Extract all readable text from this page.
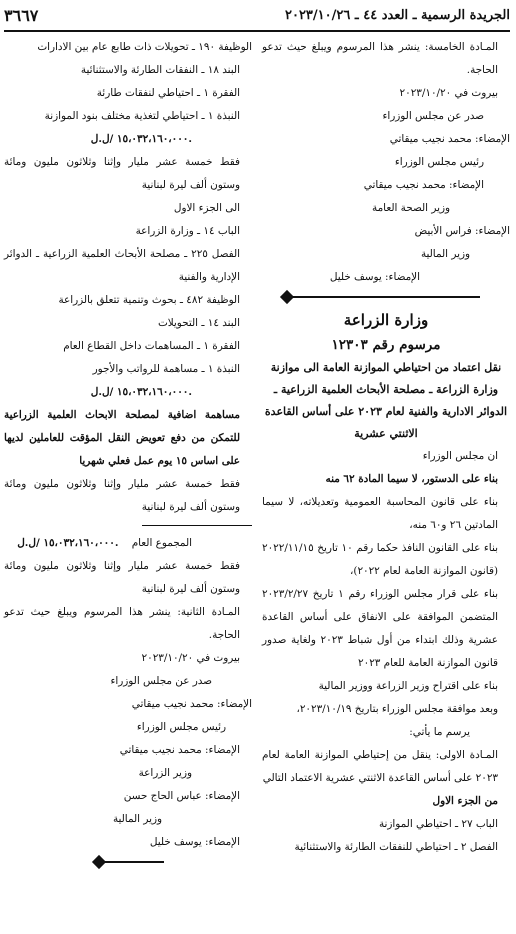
الجريدة الرسمية ـ العدد ٤٤ ـ ٢٠٢٣/١٠/٢٦
٣٦٦٧

المـادة الخامسة: ينشر هذا المرسوم ويبلغ حيث تدعو الحاجة.

بيروت في ٢٠٢٣/١٠/٢٠

صدر عن مجلس الوزراء

الإمضاء: محمد نجيب ميقاتي

رئيس مجلس الوزراء

الإمضاء: محمد نجيب ميقاتي

وزير الصحة العامة

الإمضاء: فراس الأبيض

وزير المالية

الإمضاء: يوسف خليل

وزارة الزراعة
مرسوم رقم ١٢٣٠٣
نقل اعتماد من احتياطي الموازنة العامة الى موازنة وزارة الزراعة ـ مصلحة الأبحاث العلمية الزراعية ـ الدوائر الادارية والفنية لعام ٢٠٢٣ على أساس القاعدة الاثنتي عشرية

ان مجلس الوزراء

بناء على الدستور، لا سيما المادة ٦٢ منه

بناء على قانون المحاسبة العمومية وتعديلاته، لا سيما المادتين ٢٦ و٦٠ منه،

بناء على القانون النافذ حكما رقم ١٠ تاريخ ٢٠٢٢/١١/١٥ (قانون الموازنة العامة لعام ٢٠٢٢)،

بناء على قرار مجلس الوزراء رقم ١ تاريخ ٢٠٢٣/٢/٢٧ المتضمن الموافقة على الانفاق على أساس القاعدة عشرية وذلك ابتداء من أول شباط ٢٠٢٣ ولغاية صدور قانون الموازنة العامة للعام ٢٠٢٣

بناء على اقتراح وزير الزراعة ووزير المالية

وبعد موافقة مجلس الوزراء بتاريخ ٢٠٢٣/١٠/١٩،

يرسم ما يأتي:

المـادة الاولى: ينقل من إحتياطي الموازنة العامة لعام ٢٠٢٣ على أساس القاعدة الاثنتي عشرية الاعتماد التالي

من الجزء الاول

الباب ٢٧ ـ احتياطي الموازنة

الفصل ٢ ـ احتياطي للنفقات الطارئة والاستثنائية

الوظيفة ١٩٠ ـ تحويلات ذات طابع عام بين الادارات

البند ١٨ ـ النفقات الطارئة والاستثنائية

الفقرة ١ ـ احتياطي لنفقات طارئة

النبذة ١ ـ احتياطي لتغذية مختلف بنود الموازنة

١٥،٠٣٢،١٦٠،٠٠٠ /ل.ل.

فقط خمسة عشر مليار وإثنا وثلاثون مليون ومائة وستون ألف ليرة لبنانية

الى الجزء الاول

الباب ١٤ ـ وزارة الزراعة

الفصل ٢٢٥ ـ مصلحة الأبحاث العلمية الزراعية ـ الدوائر الإدارية والفنية

الوظيفة ٤٨٢ ـ بحوث وتنمية تتعلق بالزراعة

البند ١٤ ـ التحويلات

الفقرة ١ ـ المساهمات داخل القطاع العام

النبذة ١ ـ مساهمة للرواتب والأجور

١٥،٠٣٢،١٦٠،٠٠٠ /ل.ل.

مساهمة اضافية لمصلحة الابحاث العلمية الزراعية للتمكن من دفع تعويض النقل المؤقت للعاملين لديها على اساس ١٥ يوم عمل فعلي شهريا

فقط خمسة عشر مليار وإثنا وثلاثون مليون ومائة وستون ألف ليرة لبنانية

المجموع العام    ١٥،٠٣٢،١٦٠،٠٠٠ /ل.ل.

فقط خمسة عشر مليار وإثنا وثلاثون مليون ومائة وستون ألف ليرة لبنانية

المـادة الثانية: ينشر هذا المرسوم ويبلغ حيث تدعو الحاجة.

بيروت في ٢٠٢٣/١٠/٢٠

صدر عن مجلس الوزراء

الإمضاء: محمد نجيب ميقاتي

رئيس مجلس الوزراء

الإمضاء: محمد نجيب ميقاتي

وزير الزراعة

الإمضاء: عباس الحاج حسن

وزير المالية

الإمضاء: يوسف خليل
